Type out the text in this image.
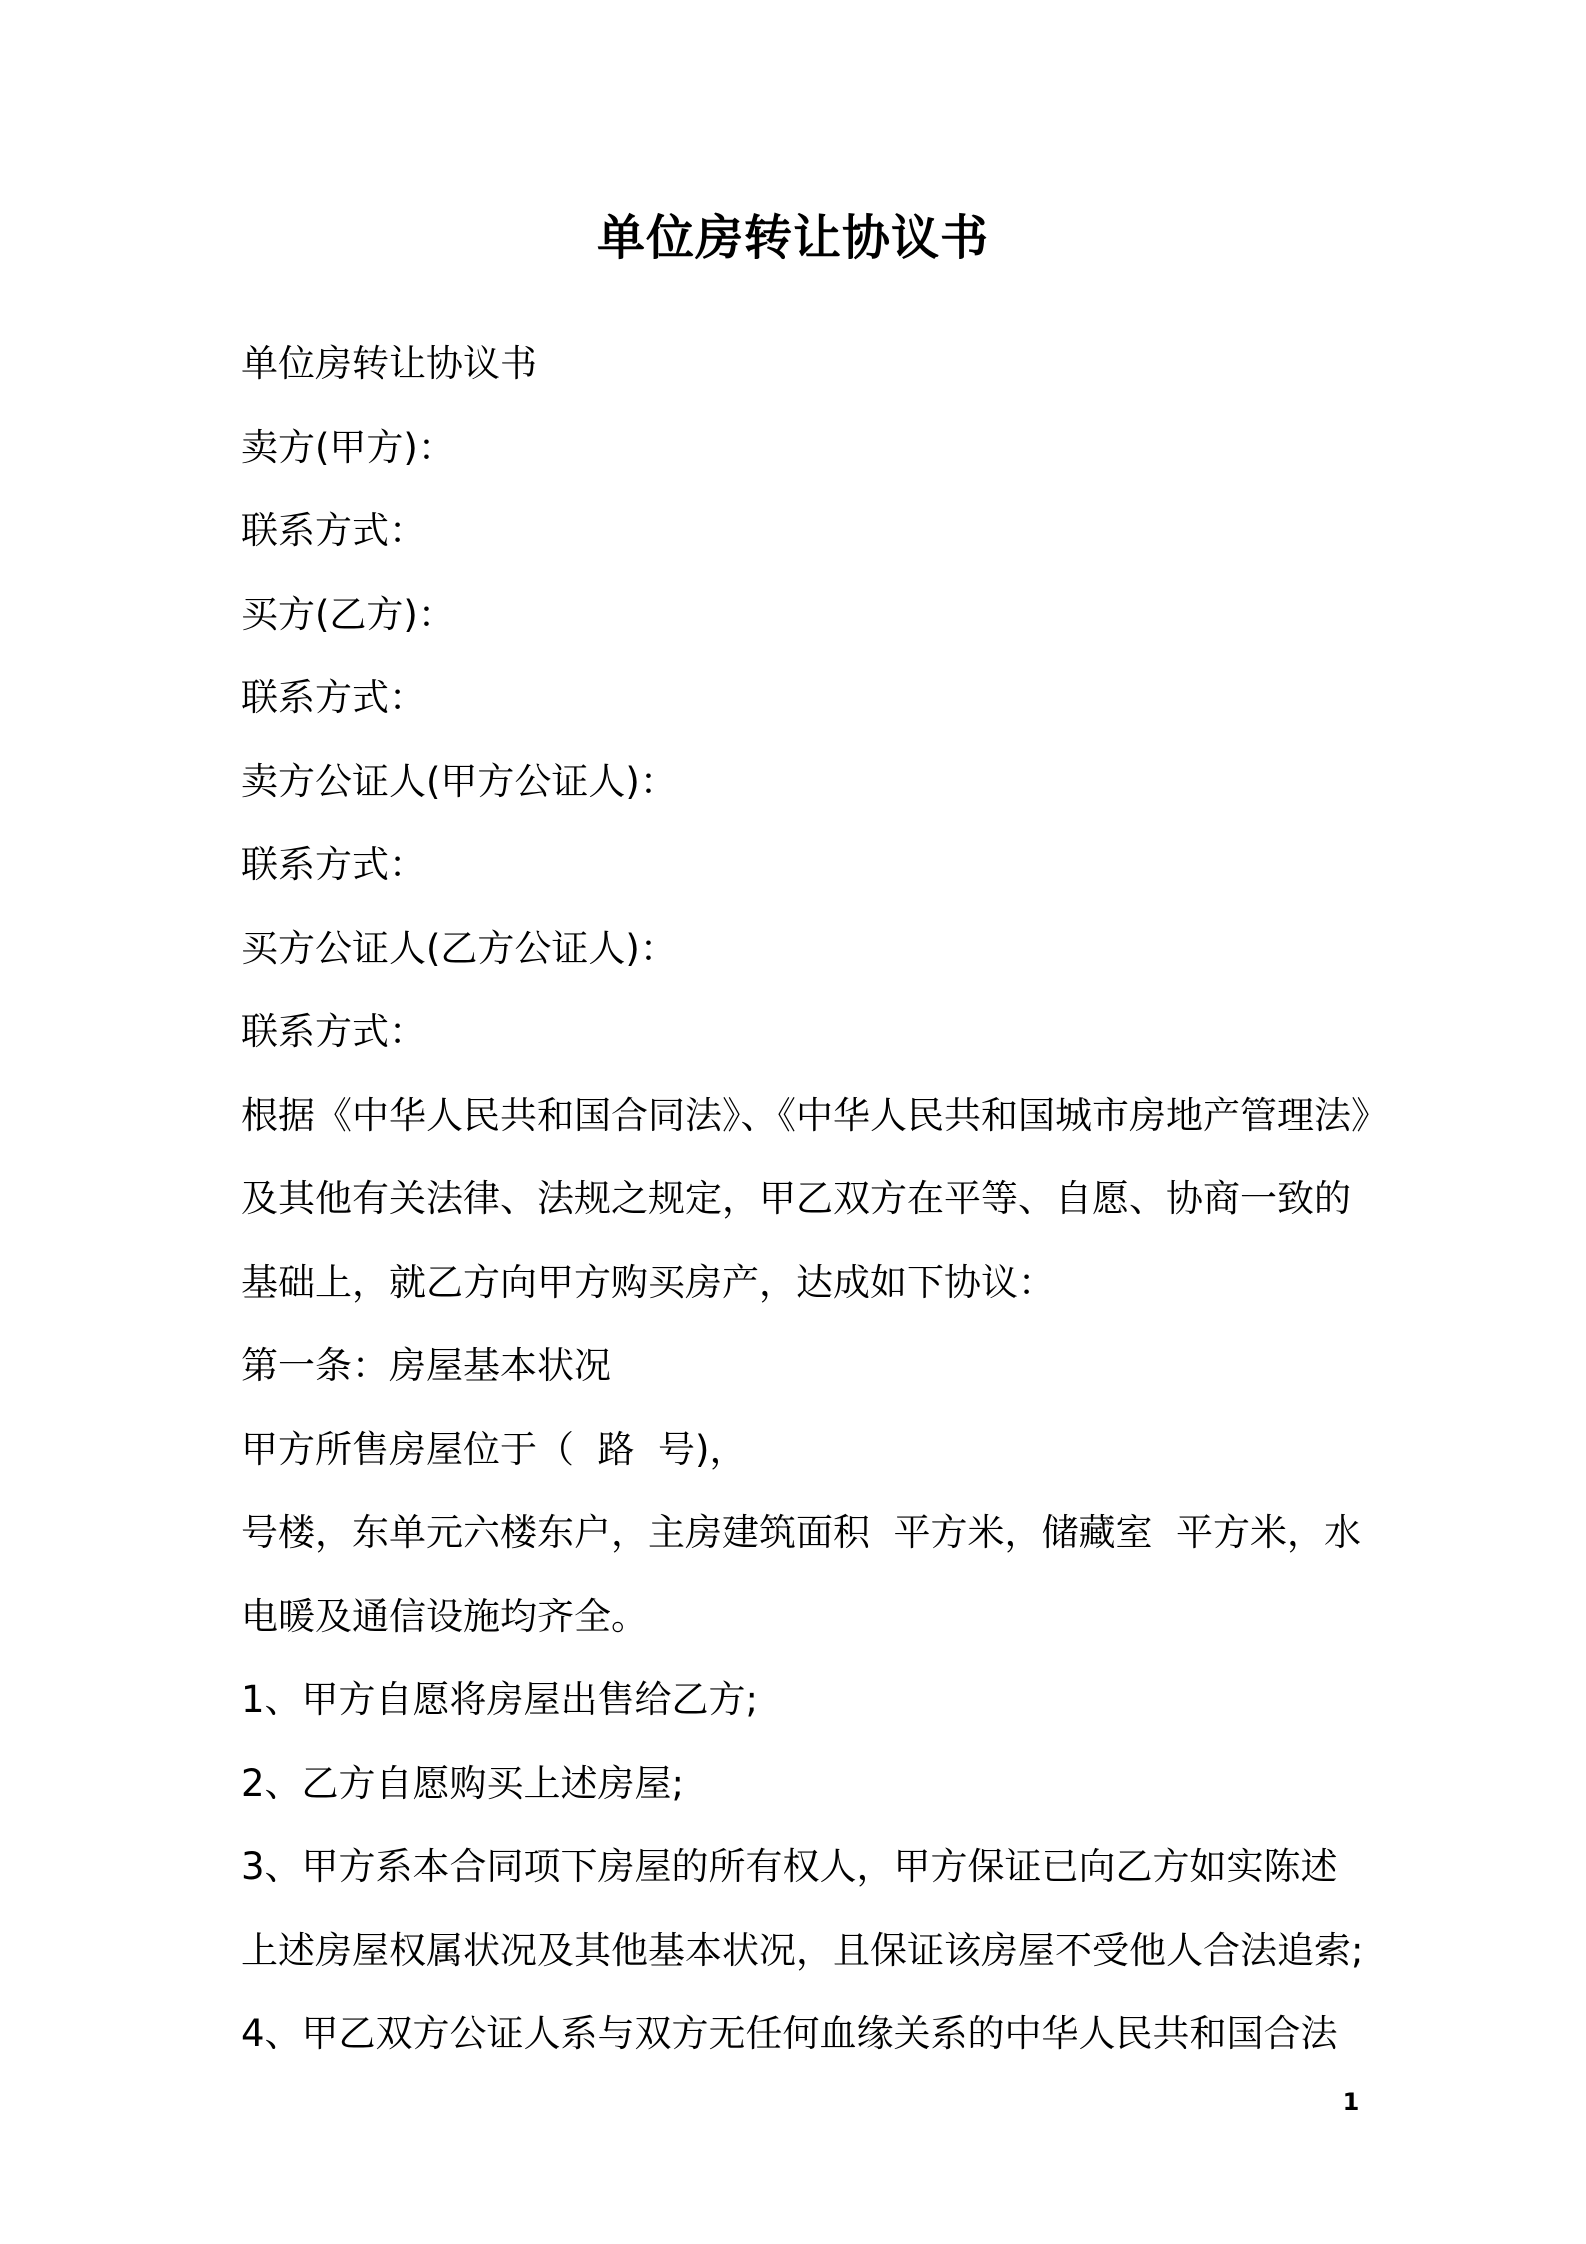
单位房转让协议书

单位房转让协议书

卖方(甲方)：

联系方式：

买方(乙方)：

联系方式：

卖方公证人(甲方公证人)：

联系方式：

买方公证人(乙方公证人)：

联系方式：

根据《中华人民共和国合同法》、《中华人民共和国城市房地产管理法》

及其他有关法律、法规之规定，甲乙双方在平等、自愿、协商一致的

基础上，就乙方向甲方购买房产，达成如下协议：

第一条：房屋基本状况

甲方所售房屋位于（  路  号)，

号楼，东单元六楼东户，主房建筑面积  平方米，储藏室  平方米，水

电暖及通信设施均齐全。

1、甲方自愿将房屋出售给乙方;

2、乙方自愿购买上述房屋;

3、甲方系本合同项下房屋的所有权人，甲方保证已向乙方如实陈述

上述房屋权属状况及其他基本状况，且保证该房屋不受他人合法追索;

4、甲乙双方公证人系与双方无任何血缘关系的中华人民共和国合法

1
